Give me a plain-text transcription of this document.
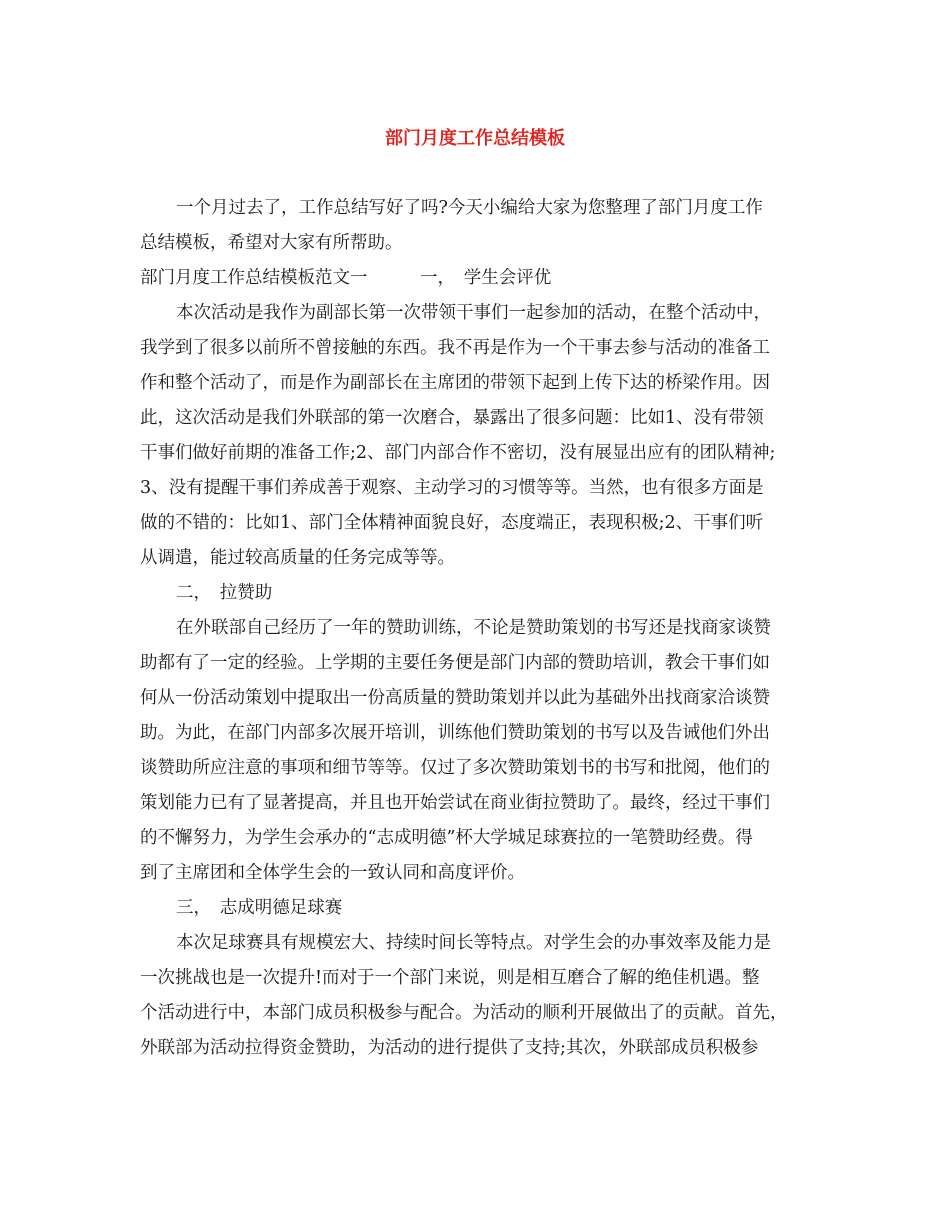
部门月度工作总结模板
一个月过去了，工作总结写好了吗?今天小编给大家为您整理了部门月度工作
总结模板，希望对大家有所帮助。
部门月度工作总结模板范文一　　　一，　学生会评优
本次活动是我作为副部长第一次带领干事们一起参加的活动，在整个活动中，
我学到了很多以前所不曾接触的东西。我不再是作为一个干事去参与活动的准备工
作和整个活动了，而是作为副部长在主席团的带领下起到上传下达的桥梁作用。因
此，这次活动是我们外联部的第一次磨合，暴露出了很多问题：比如1、没有带领
干事们做好前期的准备工作;2、部门内部合作不密切，没有展显出应有的团队精神;
3、没有提醒干事们养成善于观察、主动学习的习惯等等。当然，也有很多方面是
做的不错的：比如1、部门全体精神面貌良好，态度端正，表现积极;2、干事们听
从调遣，能过较高质量的任务完成等等。
二，　拉赞助
在外联部自己经历了一年的赞助训练，不论是赞助策划的书写还是找商家谈赞
助都有了一定的经验。上学期的主要任务便是部门内部的赞助培训，教会干事们如
何从一份活动策划中提取出一份高质量的赞助策划并以此为基础外出找商家洽谈赞
助。为此，在部门内部多次展开培训，训练他们赞助策划的书写以及告诫他们外出
谈赞助所应注意的事项和细节等等。仅过了多次赞助策划书的书写和批阅，他们的
策划能力已有了显著提高，并且也开始尝试在商业街拉赞助了。最终，经过干事们
的不懈努力，为学生会承办的“志成明德”杯大学城足球赛拉的一笔赞助经费。得
到了主席团和全体学生会的一致认同和高度评价。
三，　志成明德足球赛
本次足球赛具有规模宏大、持续时间长等特点。对学生会的办事效率及能力是
一次挑战也是一次提升!而对于一个部门来说，则是相互磨合了解的绝佳机遇。整
个活动进行中，本部门成员积极参与配合。为活动的顺利开展做出了的贡献。首先，
外联部为活动拉得资金赞助，为活动的进行提供了支持;其次，外联部成员积极参
